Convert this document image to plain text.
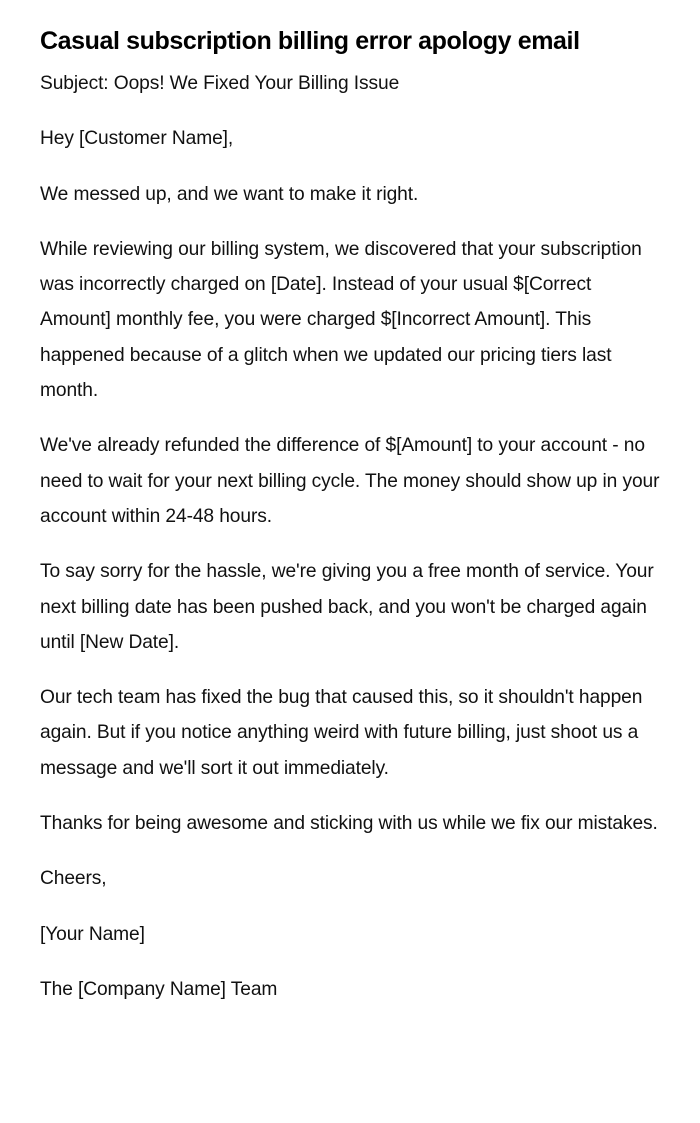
Casual subscription billing error apology email

Subject: Oops! We Fixed Your Billing Issue

Hey [Customer Name],

We messed up, and we want to make it right.

While reviewing our billing system, we discovered that your subscription was incorrectly charged on [Date]. Instead of your usual $[Correct Amount] monthly fee, you were charged $[Incorrect Amount]. This happened because of a glitch when we updated our pricing tiers last month.

We've already refunded the difference of $[Amount] to your account - no need to wait for your next billing cycle. The money should show up in your account within 24-48 hours.

To say sorry for the hassle, we're giving you a free month of service. Your next billing date has been pushed back, and you won't be charged again until [New Date].

Our tech team has fixed the bug that caused this, so it shouldn't happen again. But if you notice anything weird with future billing, just shoot us a message and we'll sort it out immediately.

Thanks for being awesome and sticking with us while we fix our mistakes.

Cheers,

[Your Name]

The [Company Name] Team
